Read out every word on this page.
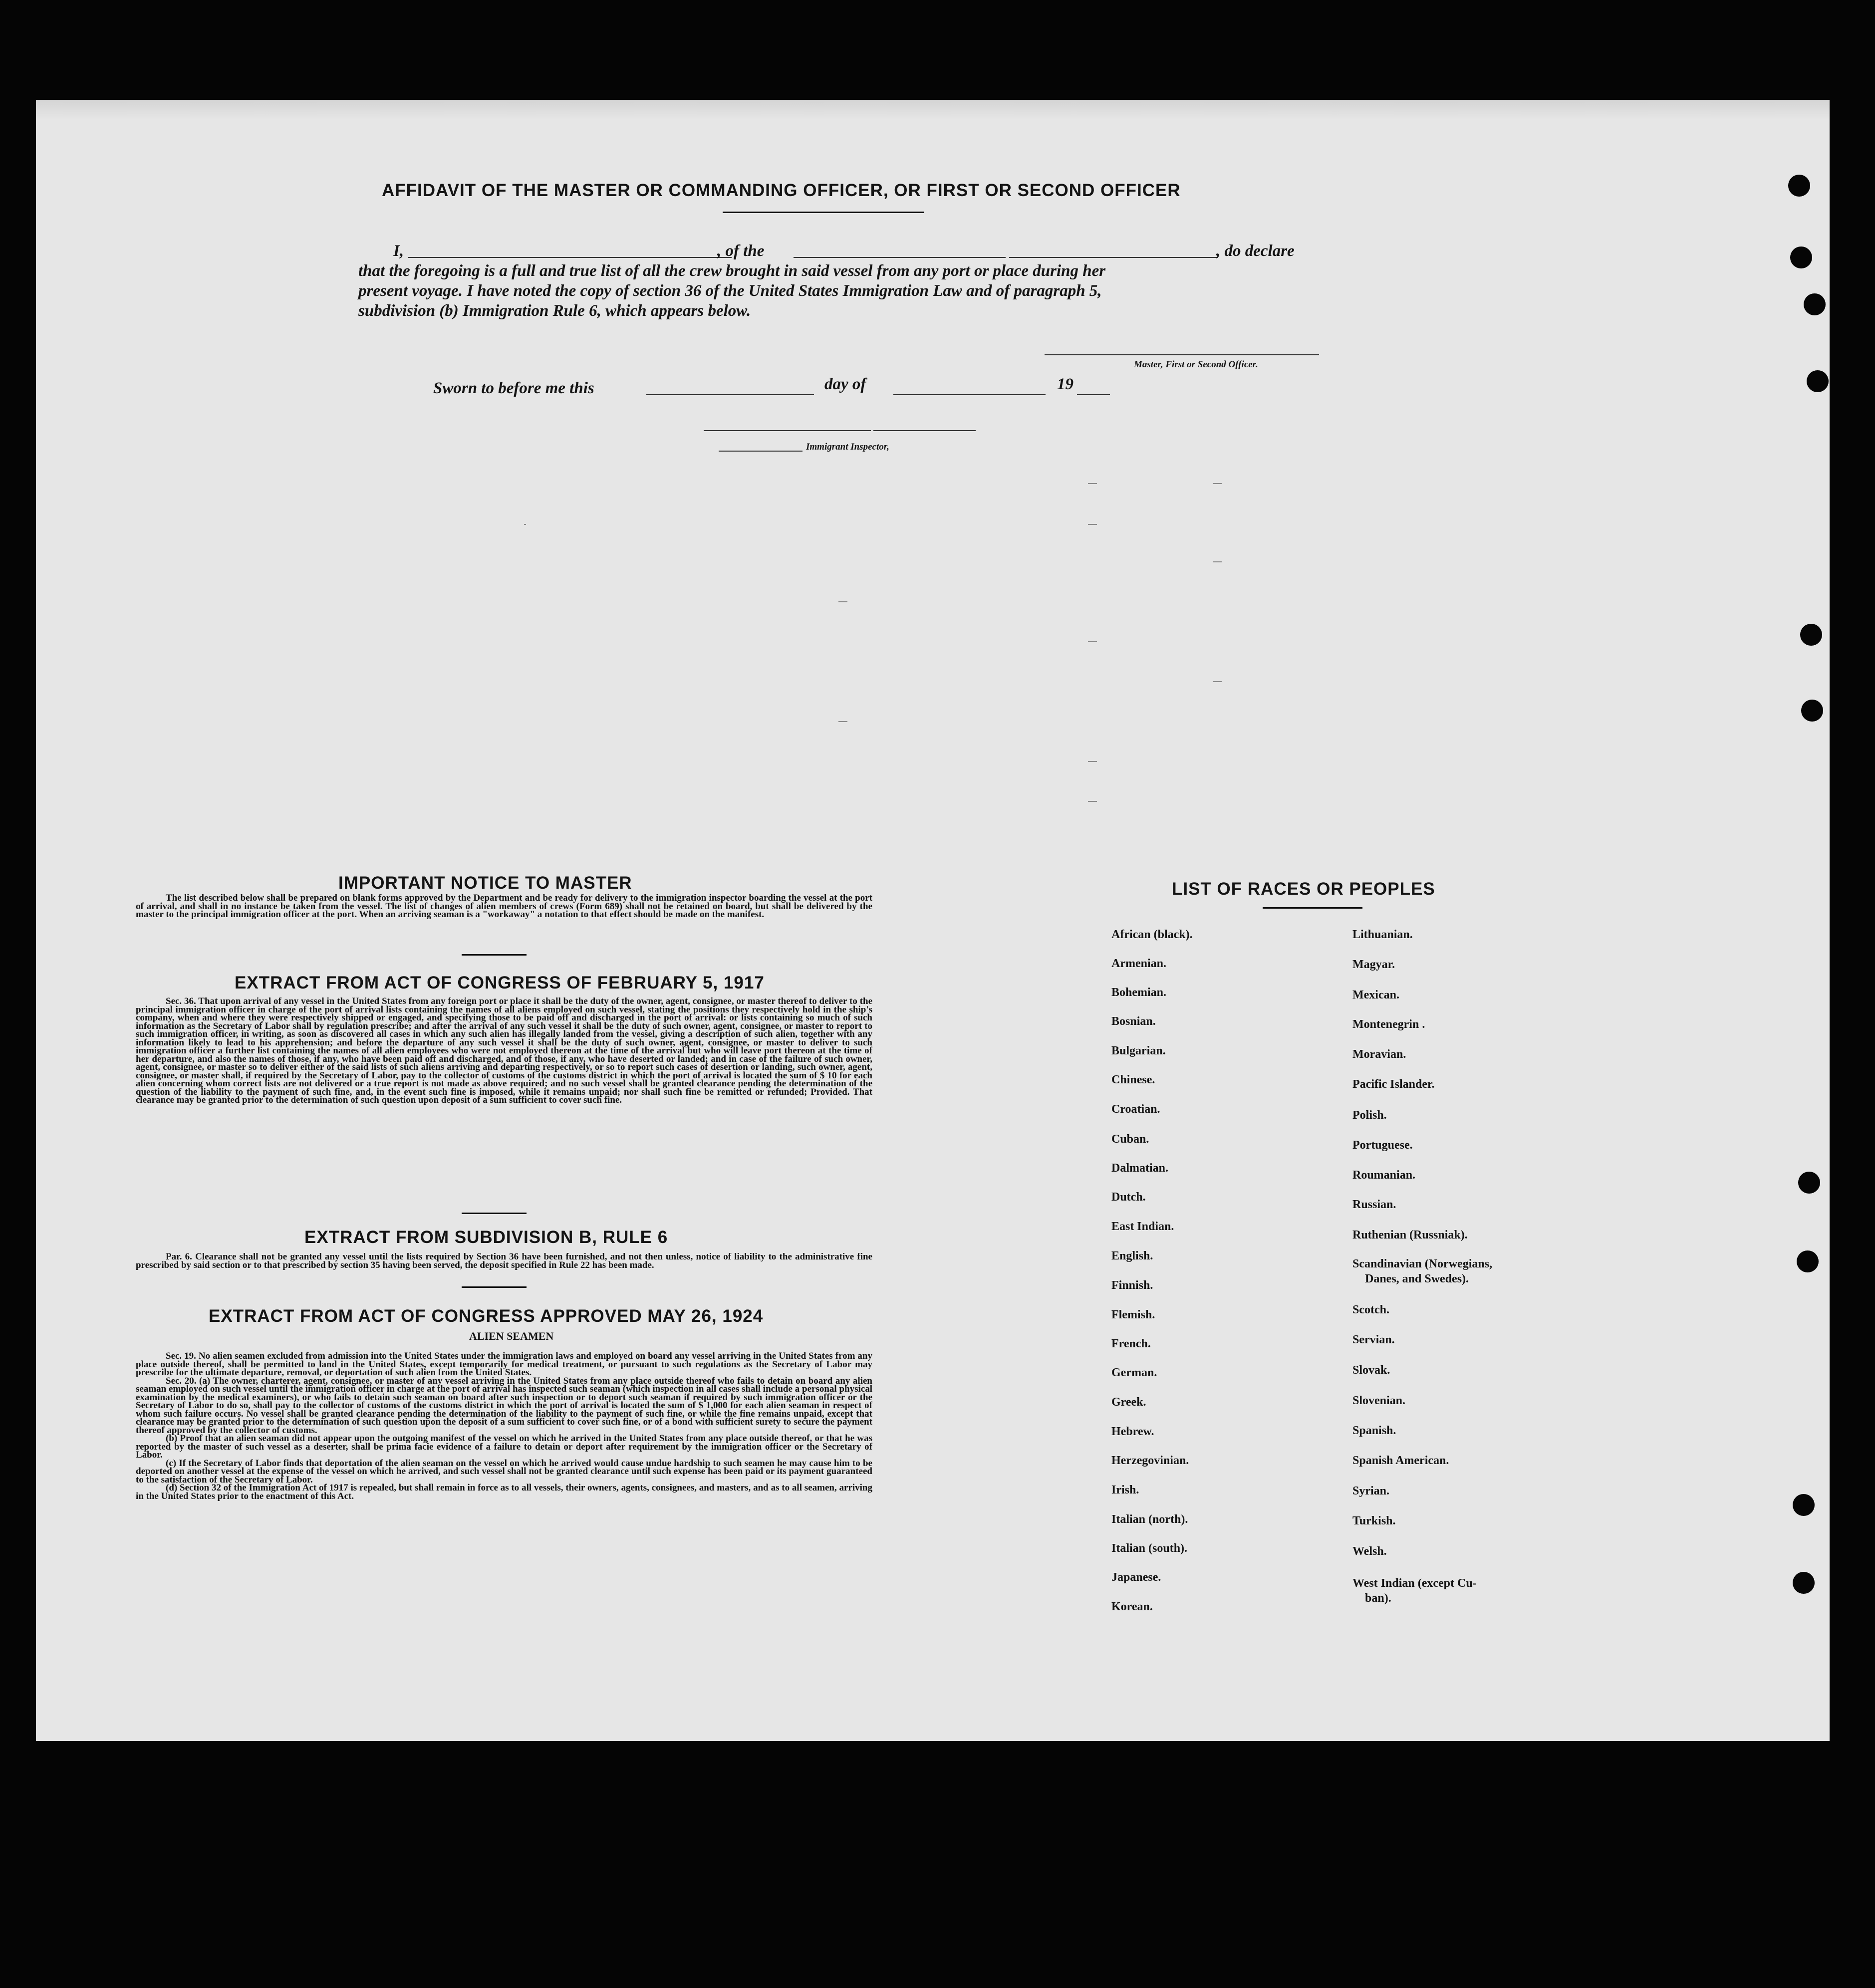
AFFIDAVIT OF THE MASTER OR COMMANDING OFFICER, OR FIRST OR SECOND OFFICER
I,	, of the	, do declare
that the foregoing is a full and true list of all the crew brought in said vessel from any port or place during her
present voyage. I have noted the copy of section 36 of the United States Immigration Law and of paragraph 5,
subdivision (b) Immigration Rule 6, which appears below.
Master, First or Second Officer.
Sworn to before me this	day of	19
Immigrant Inspector,
IMPORTANT NOTICE TO MASTER

The list described below shall be prepared on blank forms approved by the Department and be ready for delivery to the immigration inspector boarding the vessel at the port of arrival, and shall in no instance be taken from the vessel. The list of changes of alien members of crews (Form 689) shall not be retained on board, but shall be delivered by the master to the principal immigration officer at the port. When an arriving seaman is a "workaway" a notation to that effect should be made on the manifest.

EXTRACT FROM ACT OF CONGRESS OF FEBRUARY 5, 1917

Sec. 36. That upon arrival of any vessel in the United States from any foreign port or place it shall be the duty of the owner, agent, consignee, or master thereof to deliver to the principal immigration officer in charge of the port of arrival lists containing the names of all aliens employed on such vessel, stating the positions they respectively hold in the ship's company, when and where they were respectively shipped or engaged, and specifying those to be paid off and discharged in the port of arrival: or lists containing so much of such information as the Secretary of Labor shall by regulation prescribe; and after the arrival of any such vessel it shall be the duty of such owner, agent, consignee, or master to report to such immigration officer, in writing, as soon as discovered all cases in which any such alien has illegally landed from the vessel, giving a description of such alien, together with any information likely to lead to his apprehension; and before the departure of any such vessel it shall be the duty of such owner, agent, consignee, or master to deliver to such immigration officer a further list containing the names of all alien employees who were not employed thereon at the time of the arrival but who will leave port thereon at the time of her departure, and also the names of those, if any, who have been paid off and discharged, and of those, if any, who have deserted or landed; and in case of the failure of such owner, agent, consignee, or master so to deliver either of the said lists of such aliens arriving and departing respectively, or so to report such cases of desertion or landing, such owner, agent, consignee, or master shall, if required by the Secretary of Labor, pay to the collector of customs of the customs district in which the port of arrival is located the sum of $ 10 for each alien concerning whom correct lists are not delivered or a true report is not made as above required; and no such vessel shall be granted clearance pending the determination of the question of the liability to the payment of such fine, and, in the event such fine is imposed, while it remains unpaid; nor shall such fine be remitted or refunded; Provided. That clearance may be granted prior to the determination of such question upon deposit of a sum sufficient to cover such fine.

EXTRACT FROM SUBDIVISION B, RULE 6

Par. 6. Clearance shall not be granted any vessel until the lists required by Section 36 have been furnished, and not then unless, notice of liability to the administrative fine prescribed by said section or to that prescribed by section 35 having been served, the deposit specified in Rule 22 has been made.

EXTRACT FROM ACT OF CONGRESS APPROVED MAY 26, 1924
ALIEN SEAMEN

Sec. 19. No alien seamen excluded from admission into the United States under the immigration laws and employed on board any vessel arriving in the United States from any place outside thereof, shall be permitted to land in the United States, except temporarily for medical treatment, or pursuant to such regulations as the Secretary of Labor may prescribe for the ultimate departure, removal, or deportation of such alien from the United States.

Sec. 20. (a) The owner, charterer, agent, consignee, or master of any vessel arriving in the United States from any place outside thereof who fails to detain on board any alien seaman employed on such vessel until the immigration officer in charge at the port of arrival has inspected such seaman (which inspection in all cases shall include a personal physical examination by the medical examiners), or who fails to detain such seaman on board after such inspection or to deport such seaman if required by such immigration officer or the Secretary of Labor to do so, shall pay to the collector of customs of the customs district in which the port of arrival is located the sum of $ 1,000 for each alien seaman in respect of whom such failure occurs. No vessel shall be granted clearance pending the determination of the liability to the payment of such fine, or while the fine remains unpaid, except that clearance may be granted prior to the determination of such question upon the deposit of a sum sufficient to cover such fine, or of a bond with sufficient surety to secure the payment thereof approved by the collector of customs.

(b) Proof that an alien seaman did not appear upon the outgoing manifest of the vessel on which he arrived in the United States from any place outside thereof, or that he was reported by the master of such vessel as a deserter, shall be prima facie evidence of a failure to detain or deport after requirement by the immigration officer or the Secretary of Labor.

(c) If the Secretary of Labor finds that deportation of the alien seaman on the vessel on which he arrived would cause undue hardship to such seamen he may cause him to be deported on another vessel at the expense of the vessel on which he arrived, and such vessel shall not be granted clearance until such expense has been paid or its payment guaranteed to the satisfaction of the Secretary of Labor.

(d) Section 32 of the Immigration Act of 1917 is repealed, but shall remain in force as to all vessels, their owners, agents, consignees, and masters, and as to all seamen, arriving in the United States prior to the enactment of this Act.

LIST OF RACES OR PEOPLES
African (black).
Armenian.
Bohemian.
Bosnian.
Bulgarian.
Chinese.
Croatian.
Cuban.
Dalmatian.
Dutch.
East Indian.
English.
Finnish.
Flemish.
French.
German.
Greek.
Hebrew.
Herzegovinian.
Irish.
Italian (north).
Italian (south).
Japanese.
Korean.
Lithuanian.
Magyar.
Mexican.
Montenegrin .
Moravian.
Pacific Islander.
Polish.
Portuguese.
Roumanian.
Russian.
Ruthenian (Russniak).
Scandinavian (Norwegians,
Danes, and Swedes).
Scotch.
Servian.
Slovak.
Slovenian.
Spanish.
Spanish American.
Syrian.
Turkish.
Welsh.
West Indian (except Cu-
ban).
